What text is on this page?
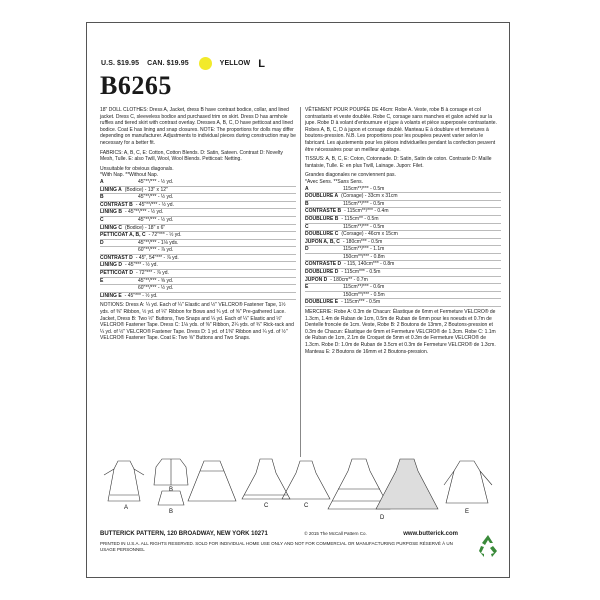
U.S. $19.95 CAN. $19.95	YELLOW L
B6265
18" DOLL CLOTHES: Dress A, Jacket, dress B have contrast bodice, collar, and lined jacket. Dress C, sleeveless bodice and purchased trim on skirt. Dress D has armhole ruffles and tiered skirt with contrast overlay. Dresses A, B, C, D have petticoat and lined bodice. Coat E has lining and snap closures. NOTE: The proportions for dolls may differ depending on manufacturer. Adjustments to individual pieces during construction may be necessary for a better fit.
FABRICS: A, B, C, E: Cotton, Cotton Blends. D: Satin, Sateen. Contrast D: Novelty Mesh, Tulle. E: also Twill, Wool, Wool Blends. Petticoat: Netting.
Unsuitable for obvious diagonals.
*With Nap. **Without Nap.
A	45"**/*** - ½ yd.
LINING A (Bodice) - 13" x 12"
B	45"**/*** - ½ yd.
CONTRAST B - 45"**/*** - ½ yd.
LINING B - 45"**/*** - ½ yd.
C	45"**/*** - ½ yd.
LINING C (Bodice) - 18" x 6"
PETTICOAT A, B, C - 72"*** - ½ yd.
D	45"**/*** - 1⅛ yds.
60"**/*** - ⅞ yd.
CONTRAST D - 45", 54"*** - ⅞ yd.
LINING D - 45"*** - ½ yd.
PETTICOAT D - 72"*** - ⅞ yd.
E	45"**/*** - ⅝ yd.
60"**/*** - ½ yd.
LINING E - 45"*** - ½ yd.
NOTIONS: Dress A: ¼ yd. Each of ¼" Elastic and ½" VELCRO® Fastener Tape, 1½ yds. of ⅜" Ribbon, ½ yd. of ¼" Ribbon for Bows and ¾ yd. of ⅝" Pre-gathered Lace. Jacket, Dress B: Two ½" Buttons, Two Snaps and ¼ yd. Each of ¼" Elastic and ½" VELCRO® Fastener Tape. Dress C: 1⅛ yds. of ⅜" Ribbon, 2¼ yds. of ¾" Rick-rack and ¼ yd. of ½" VELCRO® Fastener Tape. Dress D: 1 yd. of 1⅜" Ribbon and ¼ yd. of ½" VELCRO® Fastener Tape. Coat E: Two ⅝" Buttons and Two Snaps.
VÊTEMENT POUR POUPÉE DE 46cm: Robe A. Veste, robe B à corsage et col contrastants et veste doublée. Robe C, corsage sans manches et galon achéd sur la jupe. Robe D à volant d'entournure et jupe à volants et pièce superposée contrastante. Robes A, B, C, D à jupon et corsage doublé. Manteau E à doublure et fermetures à boutons-pression. N.B. Les proportions pour les poupées peuvent varier selon le fabricant. Les ajustements pour les pièces individuelles pendant la confection peuvent être nécessaires pour un meilleur ajustage.
TISSUS: A, B, C, E: Coton, Cotonnade. D: Satin, Satin de coton. Contraste D: Maille fantaisie, Tulle. E: en plus Twill, Lainage. Jupon: Filet.
Grandes diagonales ne conviennent pas.
*Avec Sens. **Sans Sens.
A	115cm**/*** - 0.5m
DOUBLURE A (Corsage) - 33cm x 31cm
B	115cm**/*** - 0.5m
CONTRASTE B - 115cm**/*** - 0.4m
DOUBLURE B - 115cm** - 0.5m
C	115cm**/*** - 0.5m
DOUBLURE C (Corsage) - 46cm x 15cm
JUPON A, B, C - 180cm*** - 0.5m
D	115cm**/*** - 1.1m
150cm**/*** - 0.8m
CONTRASTE D - 115, 140cm*** - 0.8m
DOUBLURE D - 115cm*** - 0.5m
JUPON D - 180cm** - 0.7m
E	115cm**/*** - 0.6m
150cm**/*** - 0.5m
DOUBLURE E - 115cm*** - 0.5m
MERCERIE: Robe A: 0.3m de Chacun: Élastique de 6mm et Fermeture VELCRO® de 1.3cm, 1.4m de Ruban de 1cm, 0.5m de Ruban de 6mm pour les noeuds et 0.7m de Dentelle froncée de 1cm. Veste, Robe B: 2 Boutons de 13mm, 2 Boutons-pression et 0.3m de Chacun: Élastique de 6mm et Fermeture VELCRO® de 1.3cm. Robe C: 1.1m de Ruban de 1cm, 2.1m de Croquet de 5mm et 0.3m de Fermeture VELCRO® de 1.3cm. Robe D: 1.0m de Ruban de 3.5cm et 0.3m de Fermeture VELCRO® de 1.3cm. Manteau E: 2 Boutons de 16mm et 2 Boutons-pression.
A
B
B
C	C
D
E
BUTTERICK PATTERN, 120 BROADWAY, NEW YORK 10271	© 2015 The McCall Pattern Co.	www.butterick.com
PRINTED IN U.S.A. ALL RIGHTS RESERVED. SOLD FOR INDIVIDUAL HOME USE ONLY AND NOT FOR COMMERCIAL OR MANUFACTURING PURPOSE RÉSERVÉ À UN USAGE PERSONNEL
